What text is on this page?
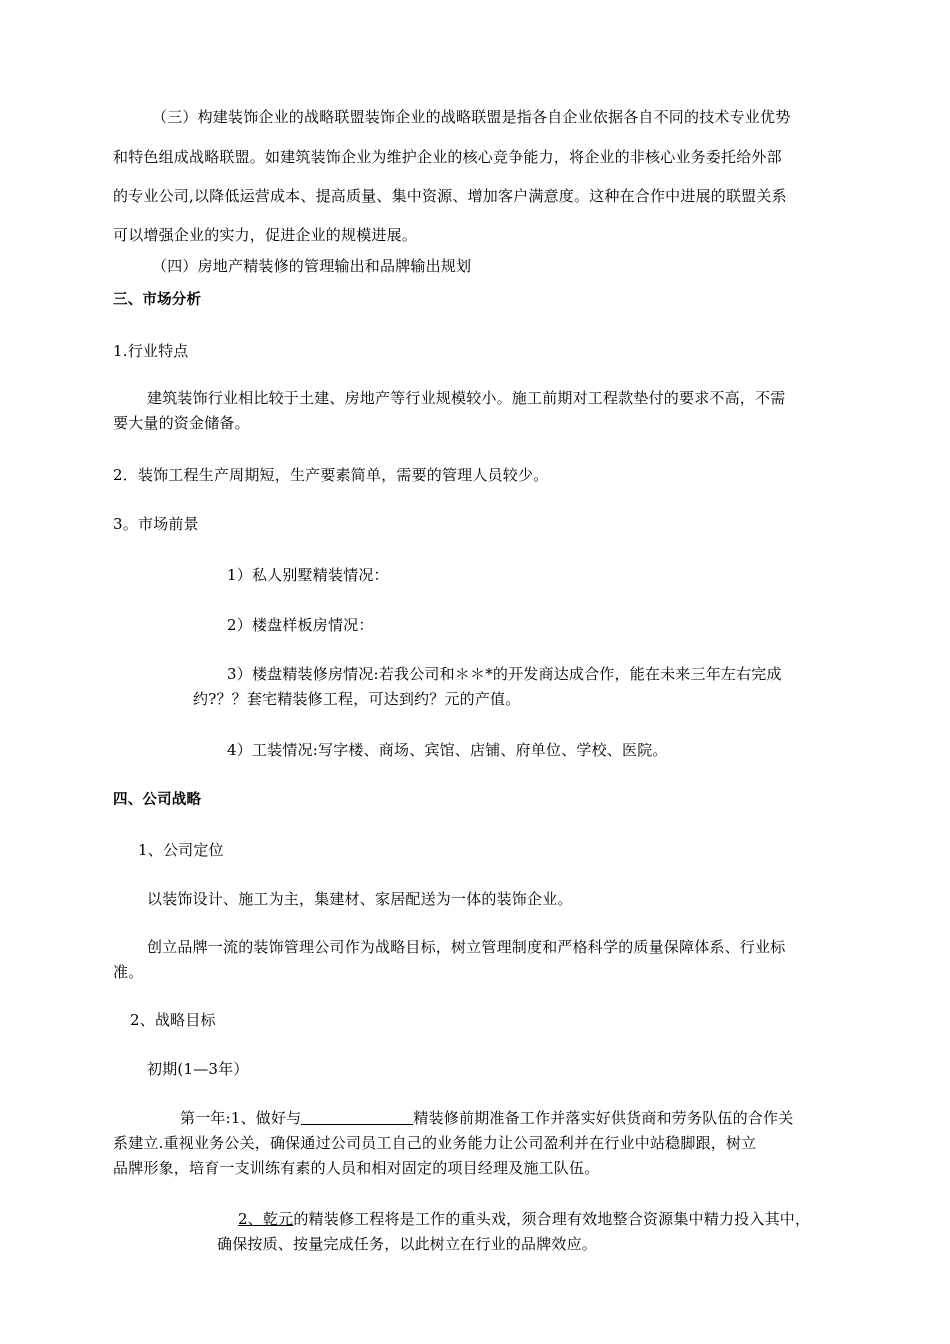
（三）构建装饰企业的战略联盟装饰企业的战略联盟是指各自企业依据各自不同的技术专业优势
和特色组成战略联盟。如建筑装饰企业为维护企业的核心竞争能力，将企业的非核心业务委托给外部
的专业公司,以降低运营成本、提高质量、集中资源、增加客户满意度。这种在合作中进展的联盟关系
可以增强企业的实力，促进企业的规模进展。
（四）房地产精装修的管理输出和品牌输出规划
三、市场分析
1.行业特点
建筑装饰行业相比较于土建、房地产等行业规模较小。施工前期对工程款垫付的要求不高，不需
要大量的资金储备。
2．装饰工程生产周期短，生产要素简单，需要的管理人员较少。
3。市场前景
1）私人别墅精装情况：
2）楼盘样板房情况：
3）楼盘精装修房情况:若我公司和＊＊*的开发商达成合作，能在未来三年左右完成
约?？？套宅精装修工程，可达到约？元的产值。
4）工装情况:写字楼、商场、宾馆、店铺、府单位、学校、医院。
四、公司战略
1、公司定位
以装饰设计、施工为主，集建材、家居配送为一体的装饰企业。
创立品牌一流的装饰管理公司作为战略目标，树立管理制度和严格科学的质量保障体系、行业标
准。
2、战略目标
初期(1—3年）
第一年:1、做好与	精装修前期准备工作并落实好供货商和劳务队伍的合作关
系建立.重视业务公关，确保通过公司员工自己的业务能力让公司盈利并在行业中站稳脚跟，树立
品牌形象，培育一支训练有素的人员和相对固定的项目经理及施工队伍。
2、乾元的精装修工程将是工作的重头戏，须合理有效地整合资源集中精力投入其中，
确保按质、按量完成任务，以此树立在行业的品牌效应。
